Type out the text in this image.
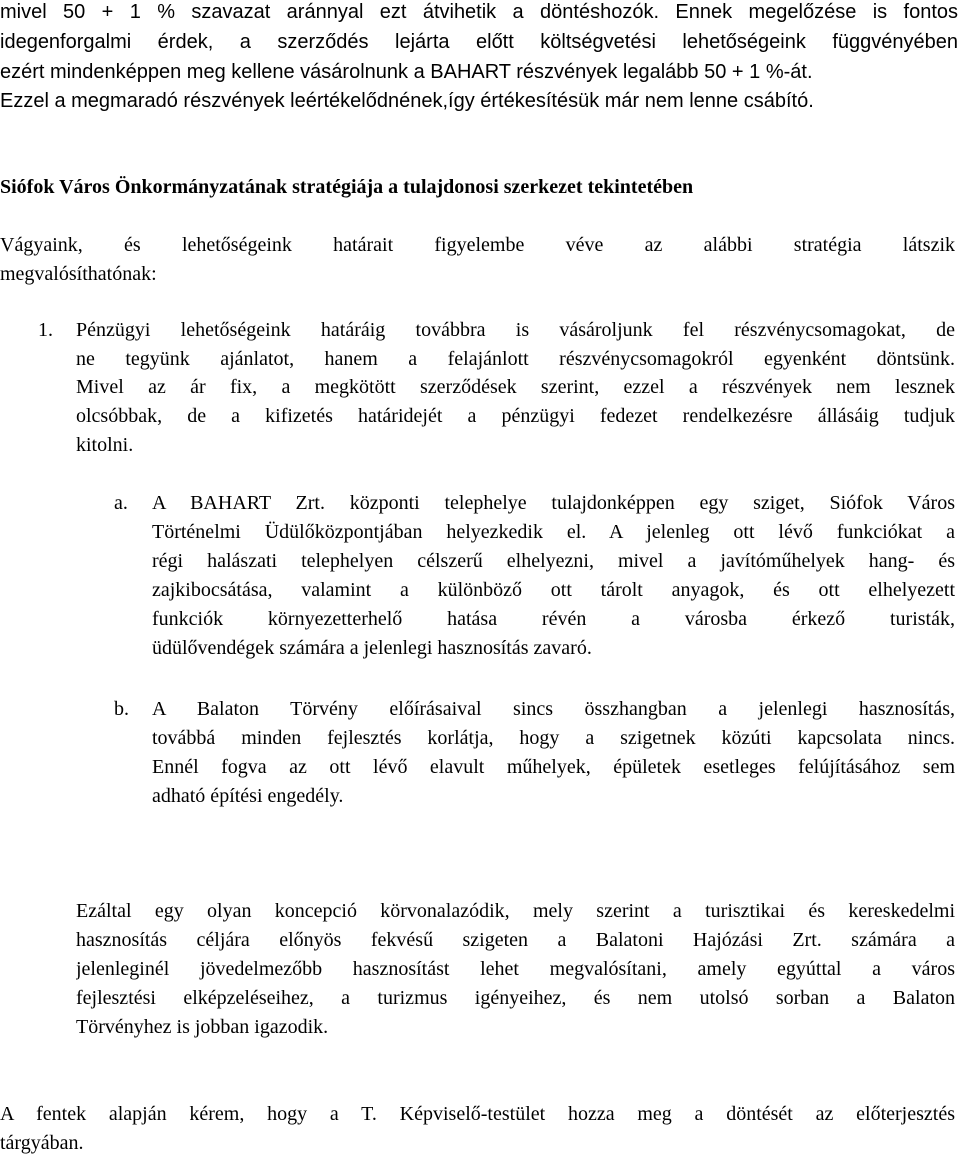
mivel 50 + 1 % szavazat aránnyal ezt átvihetik a döntéshozók. Ennek megelőzése is fontos
idegenforgalmi érdek, a szerződés lejárta előtt költségvetési lehetőségeink függvényében
ezért mindenképpen meg kellene vásárolnunk a BAHART részvények legalább 50 + 1 %-át.
Ezzel a megmaradó részvények leértékelődnének,így értékesítésük már nem lenne csábító.
Siófok Város Önkormányzatának stratégiája a tulajdonosi szerkezet tekintetében
Vágyaink, és lehetőségeink határait figyelembe véve az alábbi stratégia látszik
megvalósíthatónak:
1. Pénzügyi lehetőségeink határáig továbbra is vásároljunk fel részvénycsomagokat, de
ne tegyünk ajánlatot, hanem a felajánlott részvénycsomagokról egyenként döntsünk.
Mivel az ár fix, a megkötött szerződések szerint, ezzel a részvények nem lesznek
olcsóbbak, de a kifizetés határidejét a pénzügyi fedezet rendelkezésre állásáig tudjuk
kitolni.
a. A BAHART Zrt. központi telephelye tulajdonképpen egy sziget, Siófok Város
Történelmi Üdülőközpontjában helyezkedik el. A jelenleg ott lévő funkciókat a
régi halászati telephelyen célszerű elhelyezni, mivel a javítóműhelyek hang- és
zajkibocsátása, valamint a különböző ott tárolt anyagok, és ott elhelyezett
funkciók környezetterhelő hatása révén a városba érkező turisták,
üdülővendégek számára a jelenlegi hasznosítás zavaró.
b. A Balaton Törvény előírásaival sincs összhangban a jelenlegi hasznosítás,
továbbá minden fejlesztés korlátja, hogy a szigetnek közúti kapcsolata nincs.
Ennél fogva az ott lévő elavult műhelyek, épületek esetleges felújításához sem
adható építési engedély.
Ezáltal egy olyan koncepció körvonalazódik, mely szerint a turisztikai és kereskedelmi
hasznosítás céljára előnyös fekvésű szigeten a Balatoni Hajózási Zrt. számára a
jelenleginél jövedelmezőbb hasznosítást lehet megvalósítani, amely egyúttal a város
fejlesztési elképzeléseihez, a turizmus igényeihez, és nem utolsó sorban a Balaton
Törvényhez is jobban igazodik.
A fentek alapján kérem, hogy a T. Képviselő-testület hozza meg a döntését az előterjesztés
tárgyában.
